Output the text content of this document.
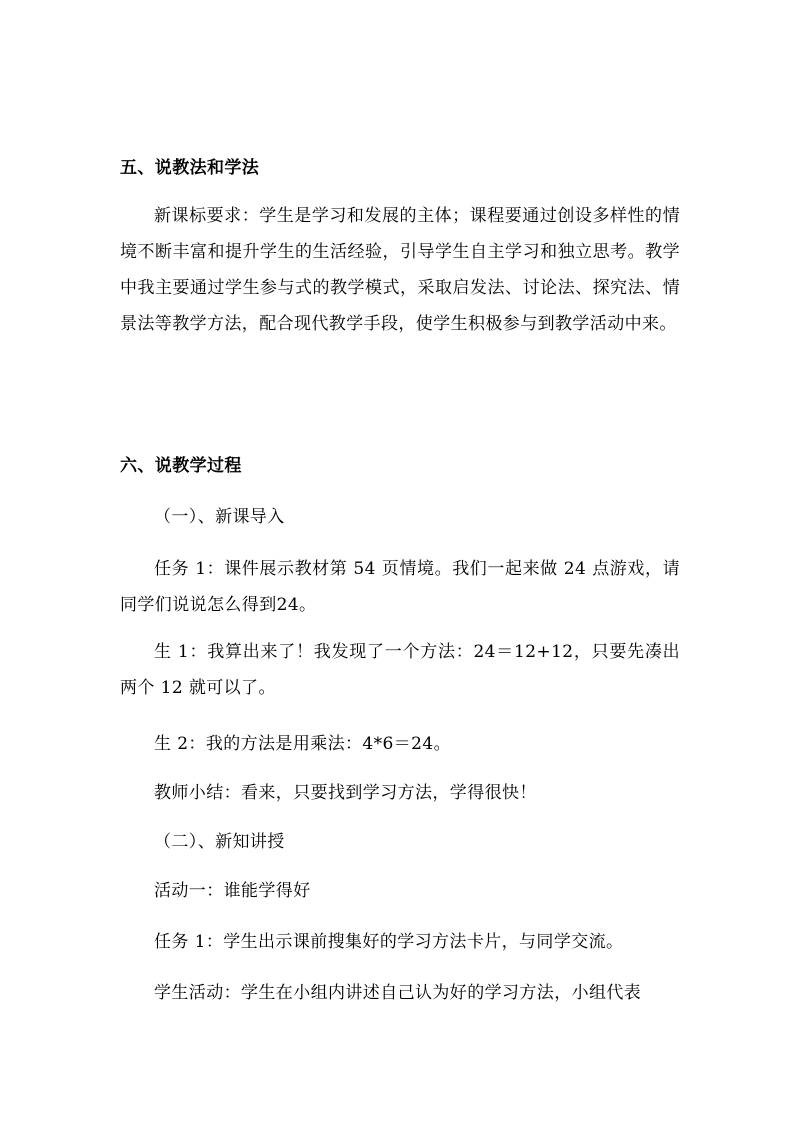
五、说教法和学法
新课标要求：学生是学习和发展的主体；课程要通过创设多样性的情境不断丰富和提升学生的生活经验，引导学生自主学习和独立思考。教学中我主要通过学生参与式的教学模式，采取启发法、讨论法、探究法、情景法等教学方法，配合现代教学手段，使学生积极参与到教学活动中来。
六、说教学过程
（一）、新课导入
任务 1：课件展示教材第 54 页情境。我们一起来做 24 点游戏，请同学们说说怎么得到24。
生 1：我算出来了！我发现了一个方法：24＝12+12，只要先凑出两个 12 就可以了。
生 2：我的方法是用乘法：4*6＝24。
教师小结：看来，只要找到学习方法，学得很快！
（二）、新知讲授
活动一：谁能学得好
任务 1：学生出示课前搜集好的学习方法卡片，与同学交流。
学生活动：学生在小组内讲述自己认为好的学习方法，小组代表
